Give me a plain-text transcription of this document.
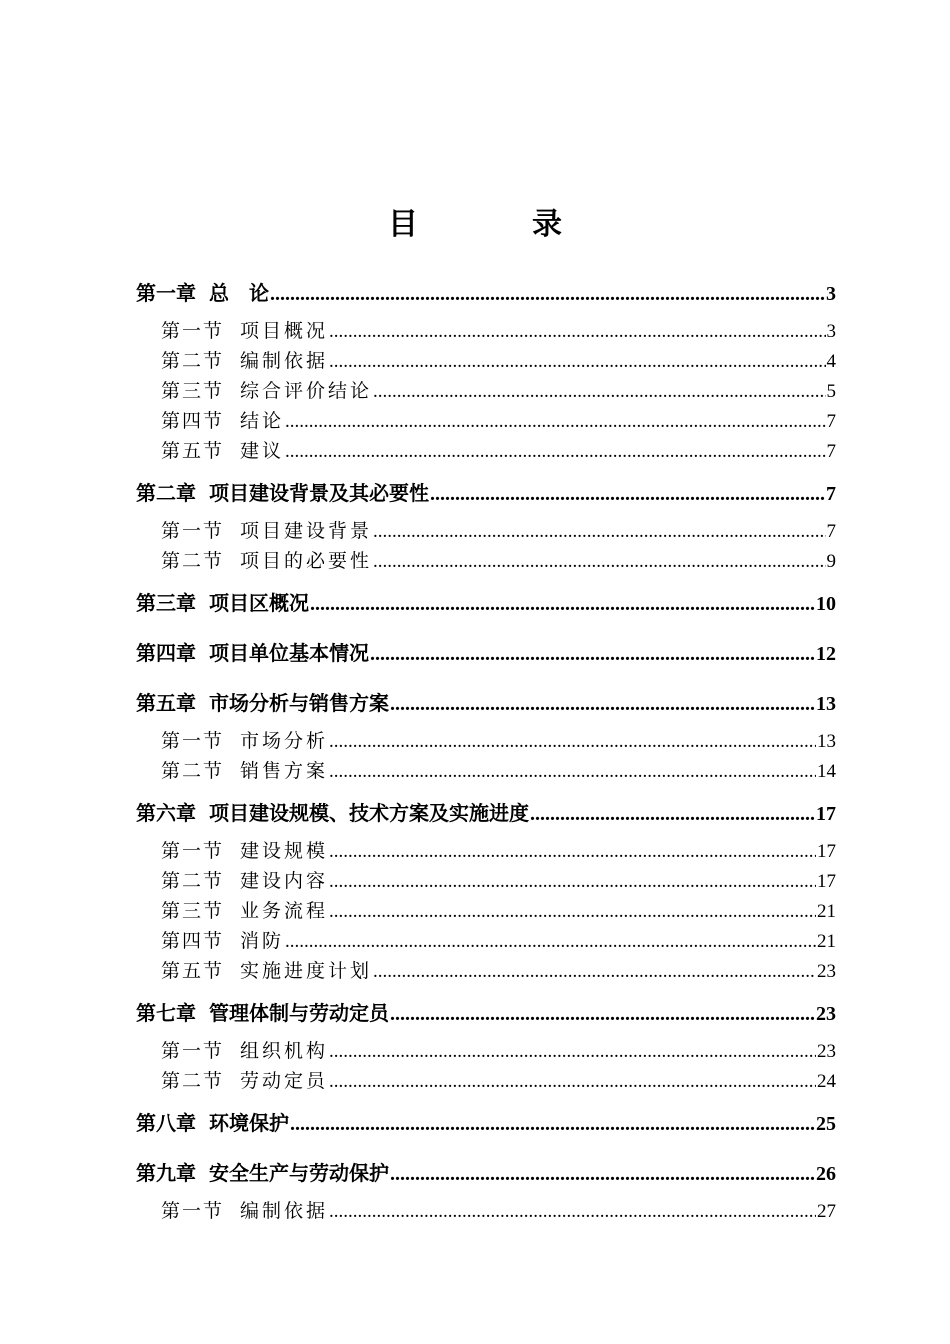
目　录
第一章 总　论 .....	3
第一节 项目概况 .....	3
第二节 编制依据 .....	4
第三节 综合评价结论 .....	5
第四节 结论 .....	7
第五节 建议 .....	7
第二章 项目建设背景及其必要性 .....	7
第一节 项目建设背景 .....	7
第二节 项目的必要性 .....	9
第三章 项目区概况 .....	10
第四章 项目单位基本情况 .....	12
第五章 市场分析与销售方案 .....	13
第一节 市场分析 .....	13
第二节 销售方案 .....	14
第六章 项目建设规模、技术方案及实施进度 .....	17
第一节 建设规模 .....	17
第二节 建设内容 .....	17
第三节 业务流程 .....	21
第四节 消防 .....	21
第五节 实施进度计划 .....	23
第七章 管理体制与劳动定员 .....	23
第一节 组织机构 .....	23
第二节 劳动定员 .....	24
第八章 环境保护 .....	25
第九章 安全生产与劳动保护 .....	26
第一节 编制依据 .....	27
